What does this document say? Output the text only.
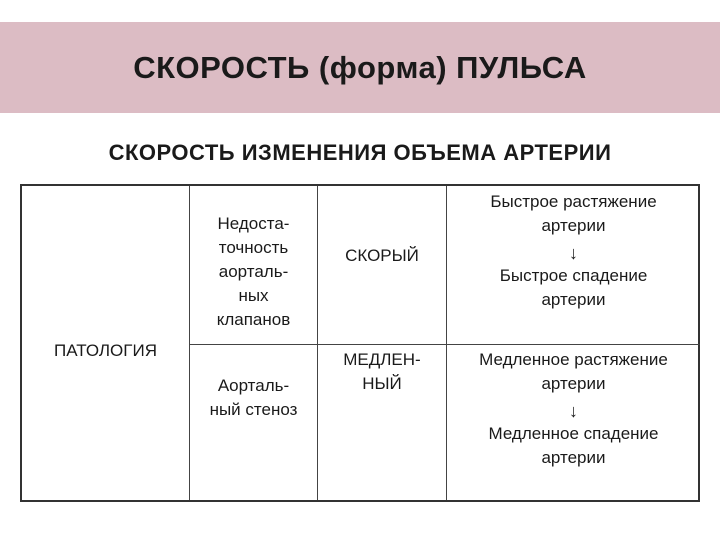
СКОРОСТЬ (форма) ПУЛЬСА
СКОРОСТЬ ИЗМЕНЕНИЯ ОБЪЕМА АРТЕРИИ
ПАТОЛОГИЯ
Недоста-
точность
аорталь-
ных
клапанов
СКОРЫЙ
Быстрое растяжение
артерии
↓
Быстрое спадение
артерии
Аорталь-
ный стеноз
МЕДЛЕН-
НЫЙ
Медленное растяжение
артерии
↓
Медленное спадение
артерии
